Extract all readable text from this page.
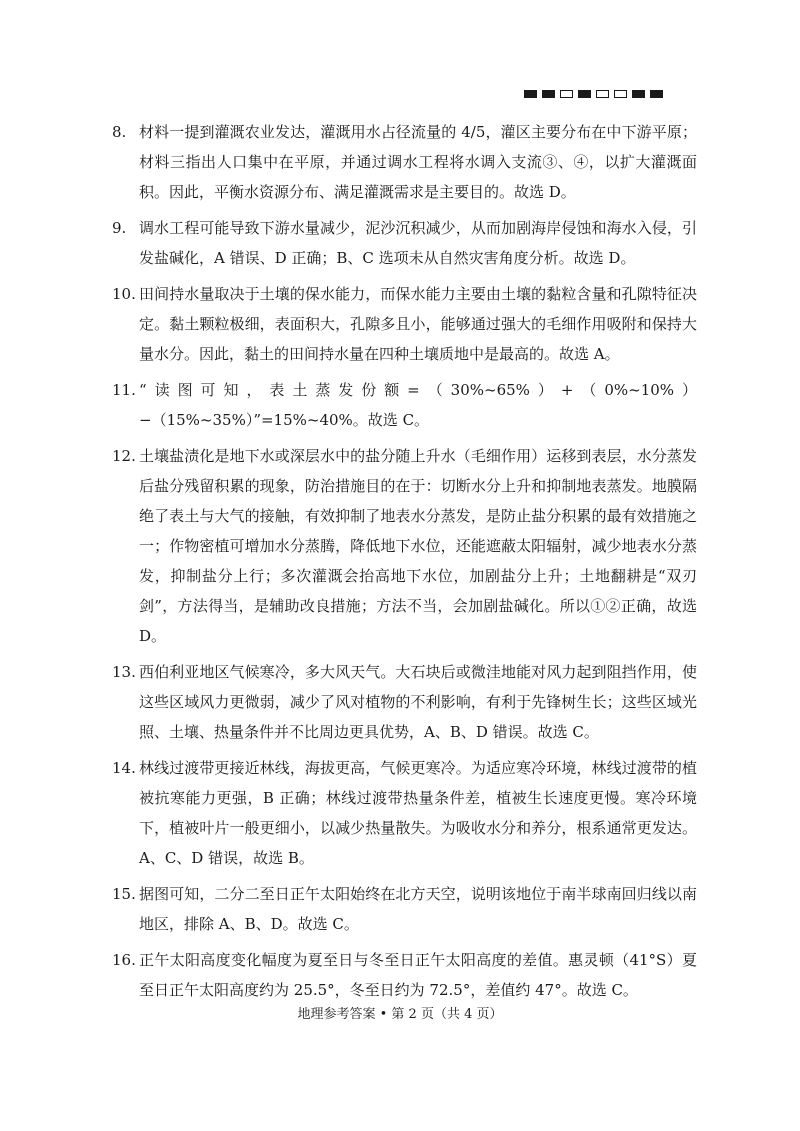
8. 材料一提到灌溉农业发达，灌溉用水占径流量的 4/5，灌区主要分布在中下游平原；材料三指出人口集中在平原，并通过调水工程将水调入支流③、④，以扩大灌溉面积。因此，平衡水资源分布、满足灌溉需求是主要目的。故选 D。
9. 调水工程可能导致下游水量减少，泥沙沉积减少，从而加剧海岸侵蚀和海水入侵，引发盐碱化，A 错误、D 正确；B、C 选项未从自然灾害角度分析。故选 D。
10. 田间持水量取决于土壤的保水能力，而保水能力主要由土壤的黏粒含量和孔隙特征决定。黏土颗粒极细，表面积大，孔隙多且小，能够通过强大的毛细作用吸附和保持大量水分。因此，黏土的田间持水量在四种土壤质地中是最高的。故选 A。
11. “读图可知，表土蒸发份额=（30%~65%）+（0%~10%）−（15%~35%）”=15%~40%。故选 C。
12. 土壤盐渍化是地下水或深层水中的盐分随上升水（毛细作用）运移到表层，水分蒸发后盐分残留积累的现象，防治措施目的在于：切断水分上升和抑制地表蒸发。地膜隔绝了表土与大气的接触，有效抑制了地表水分蒸发，是防止盐分积累的最有效措施之一；作物密植可增加水分蒸腾，降低地下水位，还能遮蔽太阳辐射，减少地表水分蒸发，抑制盐分上行；多次灌溉会抬高地下水位，加剧盐分上升；土地翻耕是“双刃剑”，方法得当，是辅助改良措施；方法不当，会加剧盐碱化。所以①②正确，故选 D。
13. 西伯利亚地区气候寒冷，多大风天气。大石块后或微洼地能对风力起到阻挡作用，使这些区域风力更微弱，减少了风对植物的不利影响，有利于先锋树生长；这些区域光照、土壤、热量条件并不比周边更具优势，A、B、D 错误。故选 C。
14. 林线过渡带更接近林线，海拔更高，气候更寒冷。为适应寒冷环境，林线过渡带的植被抗寒能力更强，B 正确；林线过渡带热量条件差，植被生长速度更慢。寒冷环境下，植被叶片一般更细小，以减少热量散失。为吸收水分和养分，根系通常更发达。A、C、D 错误，故选 B。
15. 据图可知，二分二至日正午太阳始终在北方天空，说明该地位于南半球南回归线以南地区，排除 A、B、D。故选 C。
16. 正午太阳高度变化幅度为夏至日与冬至日正午太阳高度的差值。惠灵顿（41°S）夏至日正午太阳高度约为 25.5°，冬至日约为 72.5°，差值约 47°。故选 C。
地理参考答案 • 第 2 页（共 4 页）
